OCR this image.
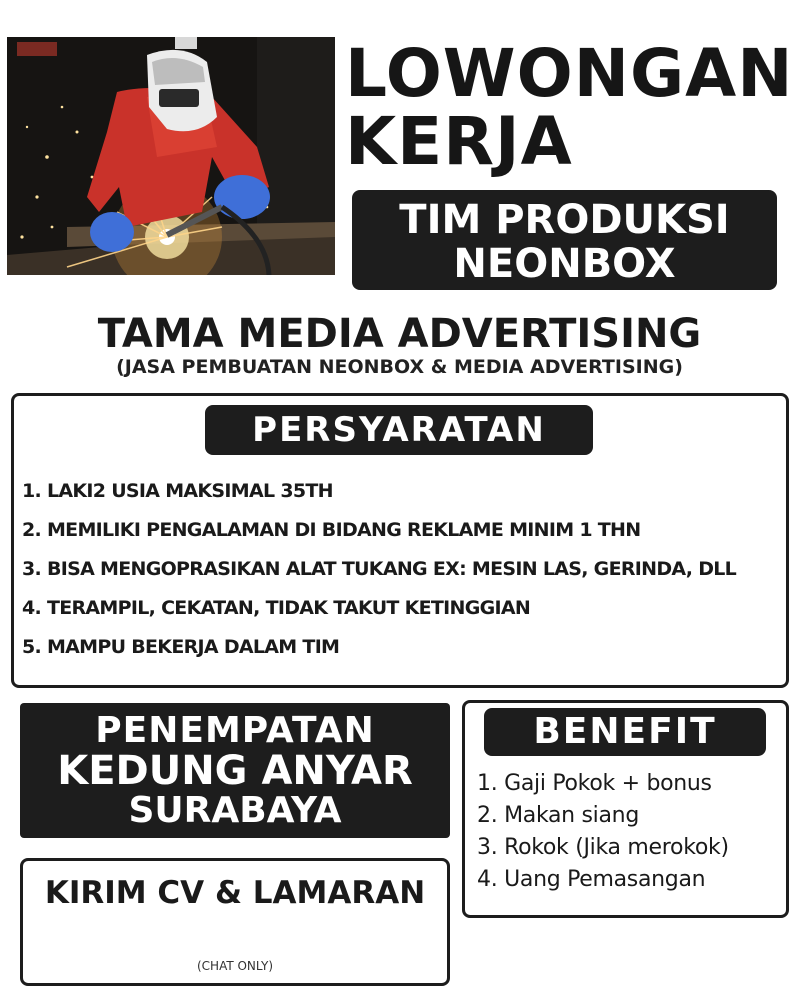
LOWONGAN
KERJA
TIM PRODUKSI
NEONBOX
TAMA MEDIA ADVERTISING
(JASA PEMBUATAN NEONBOX & MEDIA ADVERTISING)
PERSYARATAN
1. LAKI2 USIA MAKSIMAL 35TH
2. MEMILIKI PENGALAMAN DI BIDANG REKLAME MINIM 1 THN
3. BISA MENGOPRASIKAN ALAT TUKANG EX: MESIN LAS, GERINDA, DLL
4. TERAMPIL, CEKATAN, TIDAK TAKUT KETINGGIAN
5. MAMPU BEKERJA DALAM TIM
PENEMPATAN
KEDUNG ANYAR
SURABAYA
BENEFIT
1. Gaji Pokok + bonus
2. Makan siang
3. Rokok (Jika merokok)
4. Uang Pemasangan
KIRIM CV & LAMARAN
(CHAT ONLY)
